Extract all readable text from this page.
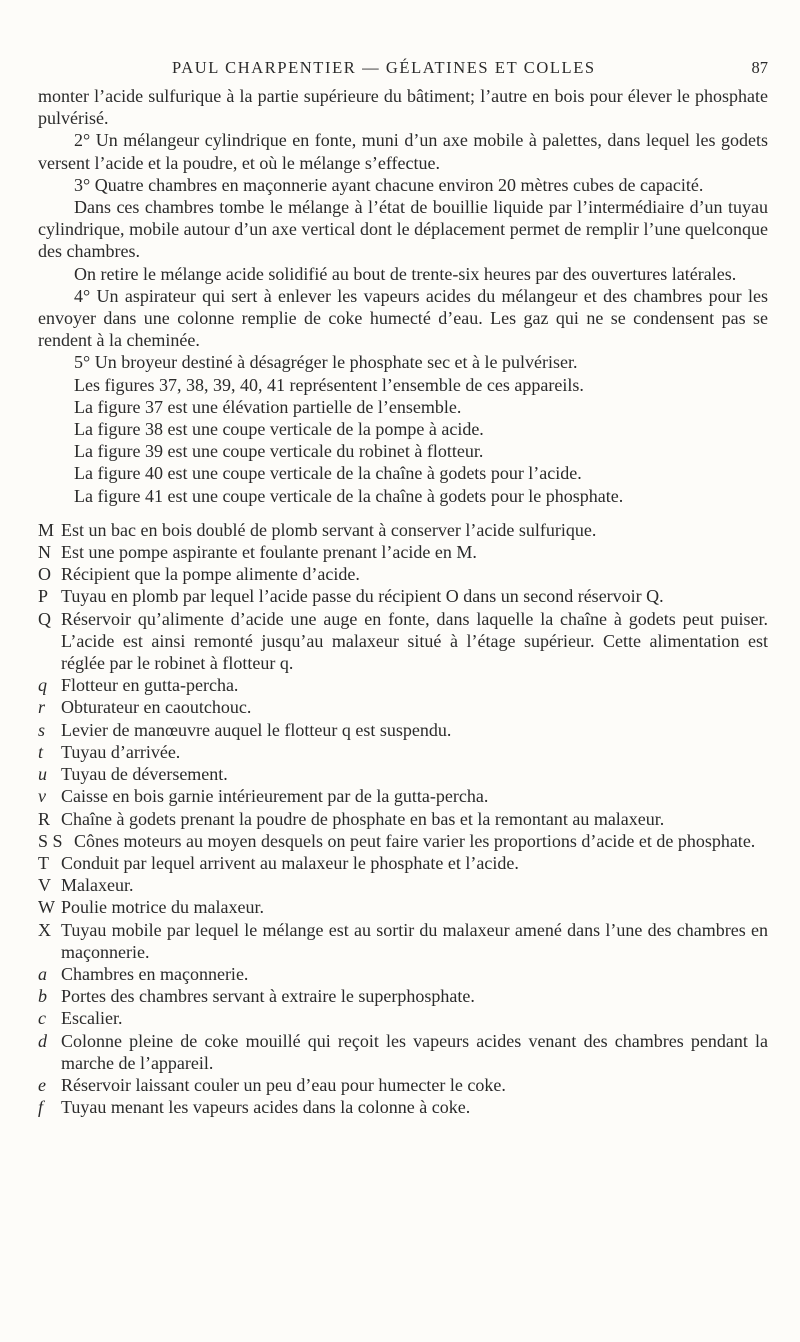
PAUL CHARPENTIER — GÉLATINES ET COLLES	87

monter l’acide sulfurique à la partie supérieure du bâtiment; l’autre en bois pour élever le phosphate pulvérisé.

2° Un mélangeur cylindrique en fonte, muni d’un axe mobile à palettes, dans lequel les godets versent l’acide et la poudre, et où le mélange s’effectue.

3° Quatre chambres en maçonnerie ayant chacune environ 20 mètres cubes de capacité.

Dans ces chambres tombe le mélange à l’état de bouillie liquide par l’intermédiaire d’un tuyau cylindrique, mobile autour d’un axe vertical dont le déplacement permet de remplir l’une quelconque des chambres.

On retire le mélange acide solidifié au bout de trente-six heures par des ouvertures latérales.

4° Un aspirateur qui sert à enlever les vapeurs acides du mélangeur et des chambres pour les envoyer dans une colonne remplie de coke humecté d’eau. Les gaz qui ne se condensent pas se rendent à la cheminée.

5° Un broyeur destiné à désagréger le phosphate sec et à le pulvériser.

Les figures 37, 38, 39, 40, 41 représentent l’ensemble de ces appareils.

La figure 37 est une élévation partielle de l’ensemble.

La figure 38 est une coupe verticale de la pompe à acide.

La figure 39 est une coupe verticale du robinet à flotteur.

La figure 40 est une coupe verticale de la chaîne à godets pour l’acide.

La figure 41 est une coupe verticale de la chaîne à godets pour le phosphate.

M Est un bac en bois doublé de plomb servant à conserver l’acide sulfurique.
N Est une pompe aspirante et foulante prenant l’acide en M.
O Récipient que la pompe alimente d’acide.
P Tuyau en plomb par lequel l’acide passe du récipient O dans un second réservoir Q.
Q Réservoir qu’alimente d’acide une auge en fonte, dans laquelle la chaîne à godets peut puiser. L’acide est ainsi remonté jusqu’au malaxeur situé à l’étage supérieur. Cette alimentation est réglée par le robinet à flotteur q.
q Flotteur en gutta-percha.
r Obturateur en caoutchouc.
s Levier de manœuvre auquel le flotteur q est suspendu.
t Tuyau d’arrivée.
u Tuyau de déversement.
v Caisse en bois garnie intérieurement par de la gutta-percha.
R Chaîne à godets prenant la poudre de phosphate en bas et la remontant au malaxeur.
S S Cônes moteurs au moyen desquels on peut faire varier les proportions d’acide et de phosphate.
T Conduit par lequel arrivent au malaxeur le phosphate et l’acide.
V Malaxeur.
W Poulie motrice du malaxeur.
X Tuyau mobile par lequel le mélange est au sortir du malaxeur amené dans l’une des chambres en maçonnerie.
a Chambres en maçonnerie.
b Portes des chambres servant à extraire le superphosphate.
c Escalier.
d Colonne pleine de coke mouillé qui reçoit les vapeurs acides venant des chambres pendant la marche de l’appareil.
e Réservoir laissant couler un peu d’eau pour humecter le coke.
f Tuyau menant les vapeurs acides dans la colonne à coke.
